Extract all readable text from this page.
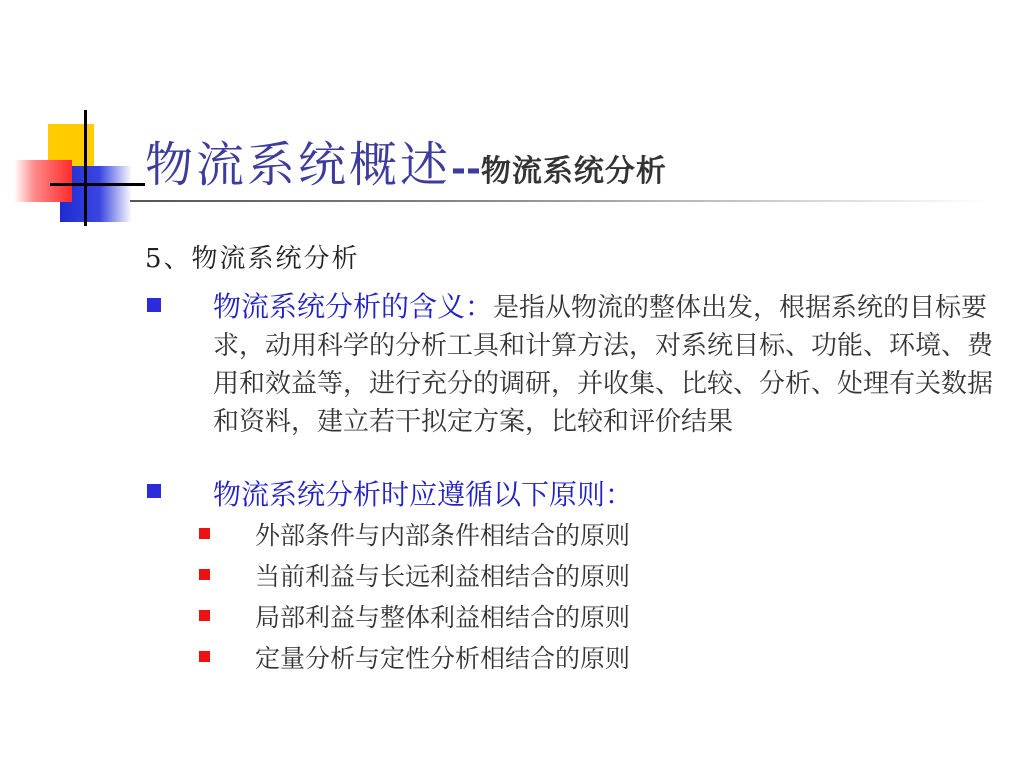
物流系统概述--物流系统分析
5、物流系统分析
物流系统分析的含义：是指从物流的整体出发，根据系统的目标要求，动用科学的分析工具和计算方法，对系统目标、功能、环境、费用和效益等，进行充分的调研，并收集、比较、分析、处理有关数据和资料，建立若干拟定方案，比较和评价结果
物流系统分析时应遵循以下原则：
外部条件与内部条件相结合的原则
当前利益与长远利益相结合的原则
局部利益与整体利益相结合的原则
定量分析与定性分析相结合的原则
